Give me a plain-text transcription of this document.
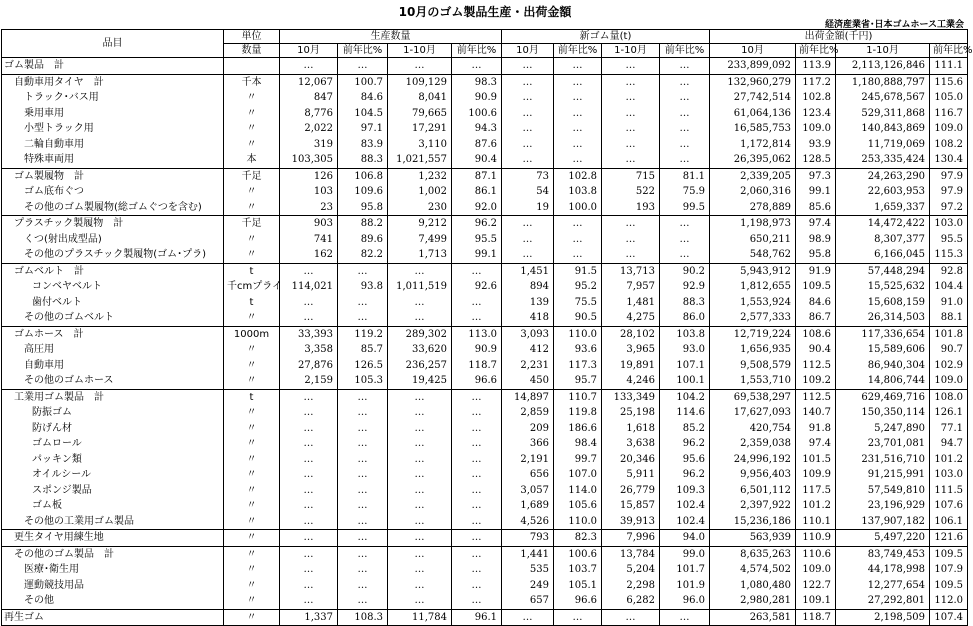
10月のゴム製品生産・出荷金額
経済産業省･日本ゴムホース工業会
品目	単位	生産数量				新ゴム量(t)				出荷金額(千円)			
	数量	10月	前年比%	1-10月	前年比%	10月	前年比%	1-10月	前年比%	10月	前年比%	1-10月	前年比%
ゴム製品　計		…	…	…	…	…	…	…	…	233,899,092	113.9	2,113,126,846	111.1
自動車用タイヤ　計	千本	12,067	100.7	109,129	98.3	…	…	…	…	132,960,279	117.2	1,180,888,797	115.6
トラック･バス用	〃	847	84.6	8,041	90.9	…	…	…	…	27,742,514	102.8	245,678,567	105.0
乗用車用	〃	8,776	104.5	79,665	100.6	…	…	…	…	61,064,136	123.4	529,311,868	116.7
小型トラック用	〃	2,022	97.1	17,291	94.3	…	…	…	…	16,585,753	109.0	140,843,869	109.0
二輪自動車用	〃	319	83.9	3,110	87.6	…	…	…	…	1,172,814	93.9	11,719,069	108.2
特殊車両用	本	103,305	88.3	1,021,557	90.4	…	…	…	…	26,395,062	128.5	253,335,424	130.4
ゴム製履物　計	千足	126	106.8	1,232	87.1	73	102.8	715	81.1	2,339,205	97.3	24,263,290	97.9
ゴム底布ぐつ	〃	103	109.6	1,002	86.1	54	103.8	522	75.9	2,060,316	99.1	22,603,953	97.9
その他のゴム製履物(総ゴムぐつを含む)	〃	23	95.8	230	92.0	19	100.0	193	99.5	278,889	85.6	1,659,337	97.2
プラスチック製履物　計	千足	903	88.2	9,212	96.2	…	…	…	…	1,198,973	97.4	14,472,422	103.0
くつ(射出成型品)	〃	741	89.6	7,499	95.5	…	…	…	…	650,211	98.9	8,307,377	95.5
その他のプラスチック製履物(ゴム･プラ)	〃	162	82.2	1,713	99.1	…	…	…	…	548,762	95.8	6,166,045	115.3
ゴムベルト　計	t	…	…	…	…	1,451	91.5	13,713	90.2	5,943,912	91.9	57,448,294	92.8
コンベヤベルト	千cmプライ	114,021	93.8	1,011,519	92.6	894	95.2	7,957	92.9	1,812,655	109.5	15,525,632	104.4
歯付ベルト	t	…	…	…	…	139	75.5	1,481	88.3	1,553,924	84.6	15,608,159	91.0
その他のゴムベルト	〃	…	…	…	…	418	90.5	4,275	86.0	2,577,333	86.7	26,314,503	88.1
ゴムホース　計	1000m	33,393	119.2	289,302	113.0	3,093	110.0	28,102	103.8	12,719,224	108.6	117,336,654	101.8
高圧用	〃	3,358	85.7	33,620	90.9	412	93.6	3,965	93.0	1,656,935	90.4	15,589,606	90.7
自動車用	〃	27,876	126.5	236,257	118.7	2,231	117.3	19,891	107.1	9,508,579	112.5	86,940,304	102.9
その他のゴムホース	〃	2,159	105.3	19,425	96.6	450	95.7	4,246	100.1	1,553,710	109.2	14,806,744	109.0
工業用ゴム製品　計	t	…	…	…	…	14,897	110.7	133,349	104.2	69,538,297	112.5	629,469,716	108.0
防振ゴム	〃	…	…	…	…	2,859	119.8	25,198	114.6	17,627,093	140.7	150,350,114	126.1
防げん材	〃	…	…	…	…	209	186.6	1,618	85.2	420,754	91.8	5,247,890	77.1
ゴムロール	〃	…	…	…	…	366	98.4	3,638	96.2	2,359,038	97.4	23,701,081	94.7
パッキン類	〃	…	…	…	…	2,191	99.7	20,346	95.6	24,996,192	101.5	231,516,710	101.2
オイルシール	〃	…	…	…	…	656	107.0	5,911	96.2	9,956,403	109.9	91,215,991	103.0
スポンジ製品	〃	…	…	…	…	3,057	114.0	26,779	109.3	6,501,112	117.5	57,549,810	111.5
ゴム板	〃	…	…	…	…	1,689	105.6	15,857	102.4	2,397,922	101.2	23,196,929	107.6
その他の工業用ゴム製品	〃	…	…	…	…	4,526	110.0	39,913	102.4	15,236,186	110.1	137,907,182	106.1
更生タイヤ用練生地	〃	…	…	…	…	793	82.3	7,996	94.0	563,939	110.9	5,497,220	121.6
その他のゴム製品　計	〃	…	…	…	…	1,441	100.6	13,784	99.0	8,635,263	110.6	83,749,453	109.5
医療･衛生用	〃	…	…	…	…	535	103.7	5,204	101.7	4,574,502	109.0	44,178,998	107.9
運動競技用品	〃	…	…	…	…	249	105.1	2,298	101.9	1,080,480	122.7	12,277,654	109.5
その他	〃	…	…	…	…	657	96.6	6,282	96.0	2,980,281	109.1	27,292,801	112.0
再生ゴム	〃	1,337	108.3	11,784	96.1	…	…	…	…	263,581	118.7	2,198,509	107.4
